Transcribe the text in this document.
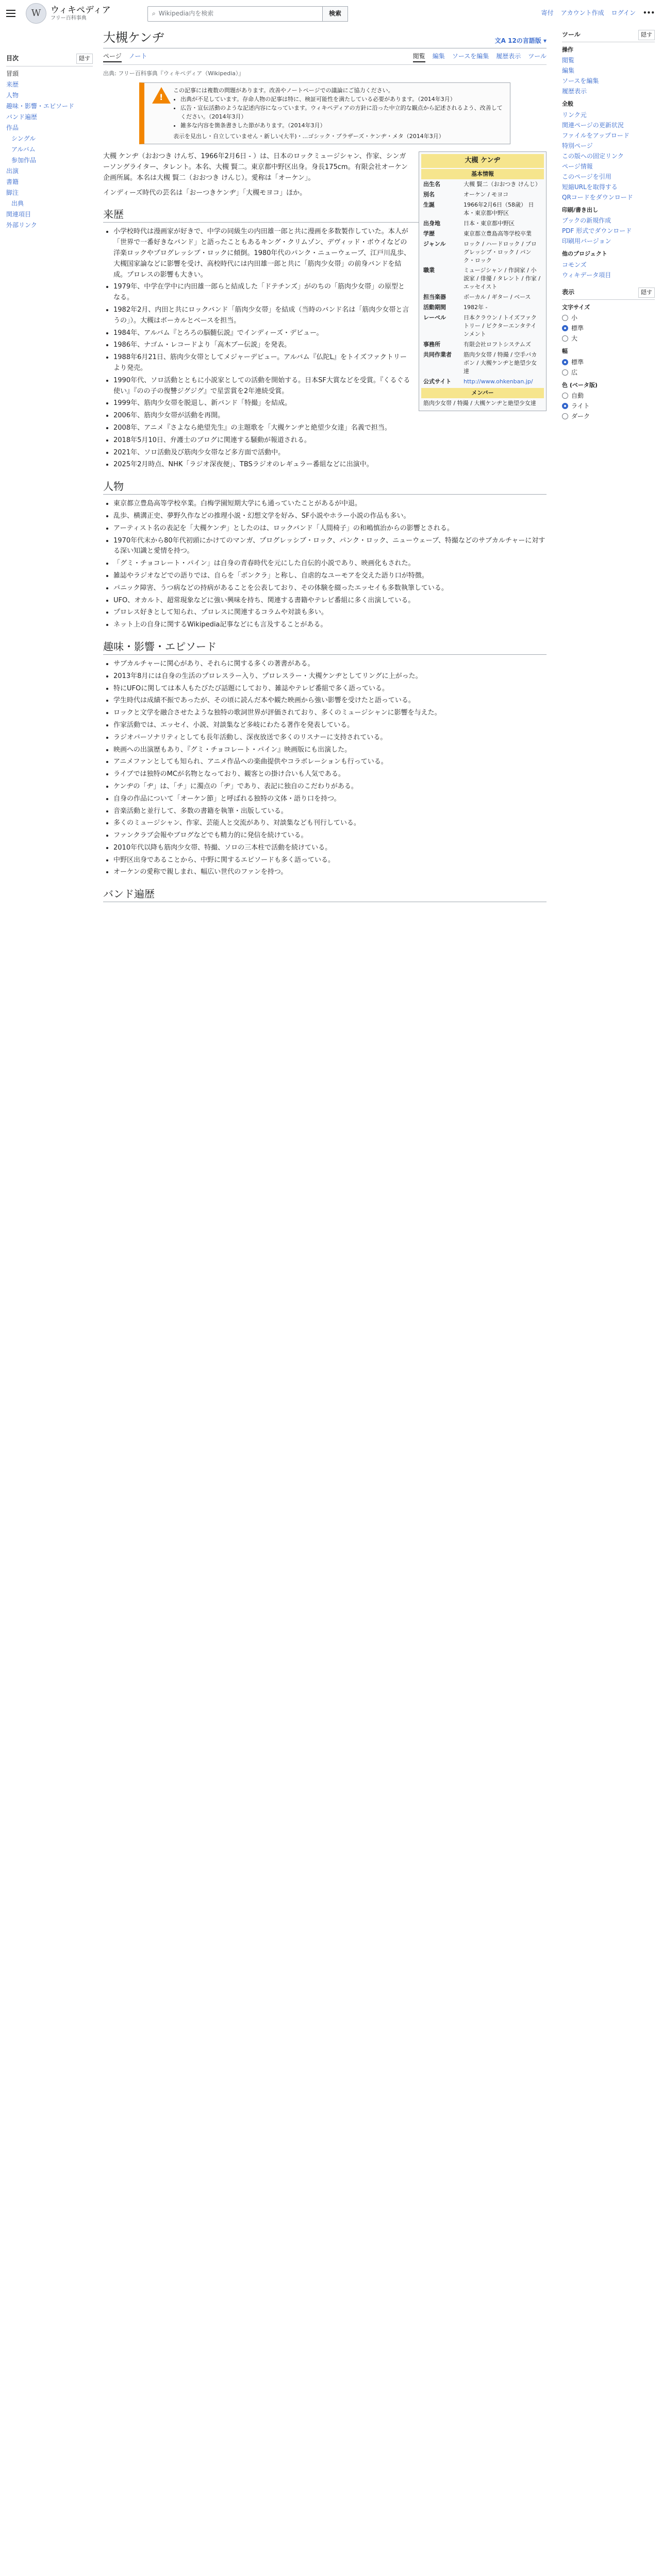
W ウィキペディア
フリー百科事典
⌕ Wikipedia内を検索	検索	寄付 アカウント作成 ログイン •••
目次	隠す
冒頭
来歴
人物
趣味・影響・エピソード
バンド遍歴
作品
シングル
アルバム
参加作品
出演
書籍
脚注
出典
関連項目
外部リンク
大槻ケンヂ	文A 12の言語版 ▾
ページ ノート	閲覧 編集 ソースを編集 履歴表示 ツール
出典: フリー百科事典『ウィキペディア（Wikipedia）』
!
この記事には複数の問題があります。改善やノートページでの議論にご協力ください。
• 出典が不足しています。存命人物の記事は特に、検証可能性を満たしている必要があります。（2014年3月）
• 広告・宣伝活動のような記述内容になっています。ウィキペディアの方針に沿った中立的な観点から記述されるよう、改善してください。（2014年3月）
• 雑多な内容を箇条書きした節があります。（2014年3月）
表示を見出し・自立していません・新しい(大半)・...ゴシック・ブラザーズ・ケンヂ・メタ（2014年3月）
大槻 ケンヂ
基本情報
出生名	大槻 賢二（おおつき けんじ）
別名	オーケン / モヨコ
生誕	1966年2月6日（58歳） 日本・東京都中野区
出身地	日本・東京都中野区
学歴	東京都立豊島高等学校卒業
ジャンル	ロック / ハードロック / プログレッシブ・ロック / パンク・ロック
職業	ミュージシャン / 作詞家 / 小説家 / 俳優 / タレント / 作家 / エッセイスト
担当楽器	ボーカル / ギター / ベース
活動期間	1982年 -
レーベル	日本クラウン / トイズファクトリー / ビクターエンタテインメント
事務所	有限会社ロフトシステムズ
共同作業者	筋肉少女帯 / 特撮 / 空手バカボン / 大槻ケンヂと絶望少女達
公式サイト	http://www.ohkenban.jp/
メンバー
筋肉少女帯 / 特撮 / 大槻ケンヂと絶望少女達

大槻 ケンヂ（おおつき けんぢ、1966年2月6日 - ）は、日本のロックミュージシャン、作家、シンガーソングライター、タレント。本名、大槻 賢二。東京都中野区出身。身長175cm。有限会社オーケン企画所属。本名は大槻 賢二（おおつき けんじ）。愛称は「オーケン」。

インディーズ時代の芸名は「おーつきケンヂ」「大槻モヨコ」ほか。

来歴
• 小学校時代は漫画家が好きで、中学の同級生の内田雄一郎と共に漫画を多数製作していた。本人が「世界で一番好きなバンド」と語ったこともあるキング・クリムゾン、デヴィッド・ボウイなどの洋楽ロックやプログレッシブ・ロックに傾倒。1980年代のパンク・ニューウェーブ、江戸川乱歩、大槻国家論などに影響を受け、高校時代には内田雄一郎と共に「筋肉少女帯」の前身バンドを結成。プロレスの影響も大きい。
• 1979年、中学在学中に内田雄一郎らと結成した「ドテチンズ」がのちの「筋肉少女帯」の原型となる。
• 1982年2月、内田と共にロックバンド「筋肉少女帯」を結成（当時のバンド名は「筋肉少女帯と言うの」）。大槻はボーカルとベースを担当。
• 1984年、アルバム『とろろの脳髄伝説』でインディーズ・デビュー。
• 1986年、ナゴム・レコードより「高木ブー伝説」を発表。
• 1988年6月21日、筋肉少女帯としてメジャーデビュー。アルバム『仏陀L』をトイズファクトリーより発売。
• 1990年代、ソロ活動とともに小説家としての活動を開始する。日本SF大賞などを受賞。『くるぐる使い』『のの子の復讐ジグジグ』で星雲賞を2年連続受賞。
• 1999年、筋肉少女帯を脱退し、新バンド「特撮」を結成。
• 2006年、筋肉少女帯が活動を再開。
• 2008年、アニメ『さよなら絶望先生』の主題歌を「大槻ケンヂと絶望少女達」名義で担当。
• 2018年5月10日、弁護士のブログに関連する騒動が報道される。
• 2021年、ソロ活動及び筋肉少女帯など多方面で活動中。
• 2025年2月時点、NHK「ラジオ深夜便」、TBSラジオのレギュラー番組などに出演中。
人物
• 東京都立豊島高等学校卒業。白梅学園短期大学にも通っていたことがあるが中退。
• 乱歩、横溝正史、夢野久作などの推理小説・幻想文学を好み、SF小説やホラー小説の作品も多い。
• アーティスト名の表記を「大槻ケンヂ」としたのは、ロックバンド「人間椅子」の和嶋慎治からの影響とされる。
• 1970年代末から80年代初頭にかけてのマンガ、プログレッシブ・ロック、パンク・ロック、ニューウェーブ、特撮などのサブカルチャーに対する深い知識と愛情を持つ。
• 「グミ・チョコレート・パイン」は自身の青春時代を元にした自伝的小説であり、映画化もされた。
• 雑誌やラジオなどでの語りでは、自らを「ボンクラ」と称し、自虐的なユーモアを交えた語り口が特徴。
• パニック障害、うつ病などの持病があることを公表しており、その体験を綴ったエッセイも多数執筆している。
• UFO、オカルト、超常現象などに強い興味を持ち、関連する書籍やテレビ番組に多く出演している。
• プロレス好きとして知られ、プロレスに関連するコラムや対談も多い。
• ネット上の自身に関するWikipedia記事などにも言及することがある。
趣味・影響・エピソード
• サブカルチャーに関心があり、それらに関する多くの著書がある。
• 2013年8月には自身の生活のプロレスラー入り、プロレスラー・大槻ケンヂとしてリングに上がった。
• 特にUFOに関しては本人もたびたび話題にしており、雑誌やテレビ番組で多く語っている。
• 学生時代は成績不振であったが、その頃に読んだ本や観た映画から強い影響を受けたと語っている。
• ロックと文学を融合させたような独特の歌詞世界が評価されており、多くのミュージシャンに影響を与えた。
• 作家活動では、エッセイ、小説、対談集など多岐にわたる著作を発表している。
• ラジオパーソナリティとしても長年活動し、深夜放送で多くのリスナーに支持されている。
• 映画への出演歴もあり、『グミ・チョコレート・パイン』映画版にも出演した。
• アニメファンとしても知られ、アニメ作品への楽曲提供やコラボレーションも行っている。
• ライブでは独特のMCが名物となっており、観客との掛け合いも人気である。
• ケンヂの「ヂ」は、「チ」に濁点の「ヂ」であり、表記に独自のこだわりがある。
• 自身の作品について「オーケン節」と呼ばれる独特の文体・語り口を持つ。
• 音楽活動と並行して、多数の書籍を執筆・出版している。
• 多くのミュージシャン、作家、芸能人と交流があり、対談集なども刊行している。
• ファンクラブ会報やブログなどでも精力的に発信を続けている。
• 2010年代以降も筋肉少女帯、特撮、ソロの三本柱で活動を続けている。
• 中野区出身であることから、中野に関するエピソードも多く語っている。
• オーケンの愛称で親しまれ、幅広い世代のファンを持つ。
バンド遍歴
ツール	隠す
操作
閲覧
編集
ソースを編集
履歴表示
全般
リンク元
関連ページの更新状況
ファイルをアップロード
特別ページ
この版への固定リンク
ページ情報
このページを引用
短縮URLを取得する
QRコードをダウンロード
印刷/書き出し
ブックの新規作成
PDF 形式でダウンロード
印刷用バージョン
他のプロジェクト
コモンズ
ウィキデータ項目
表示	隠す
文字サイズ
小
標準
大
幅
標準
広
色 (ベータ版)
自動
ライト
ダーク
